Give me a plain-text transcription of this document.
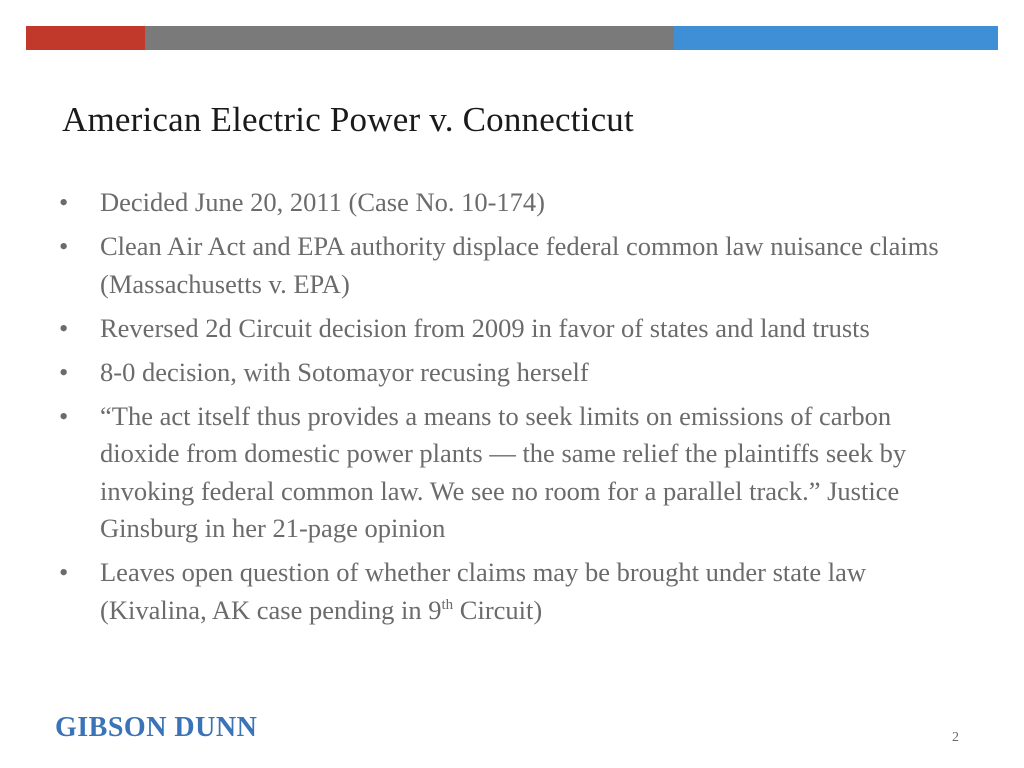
American Electric Power v. Connecticut
• Decided June 20, 2011 (Case No. 10-174)
• Clean Air Act and EPA authority displace federal common law nuisance claims (Massachusetts v. EPA)
• Reversed 2d Circuit decision from 2009 in favor of states and land trusts
• 8-0 decision, with Sotomayor recusing herself
• “The act itself thus provides a means to seek limits on emissions of carbon dioxide from domestic power plants — the same relief the plaintiffs seek by invoking federal common law. We see no room for a parallel track.” Justice Ginsburg in her 21-page opinion
• Leaves open question of whether claims may be brought under state law (Kivalina, AK case pending in 9th Circuit)
GIBSON DUNN	2
